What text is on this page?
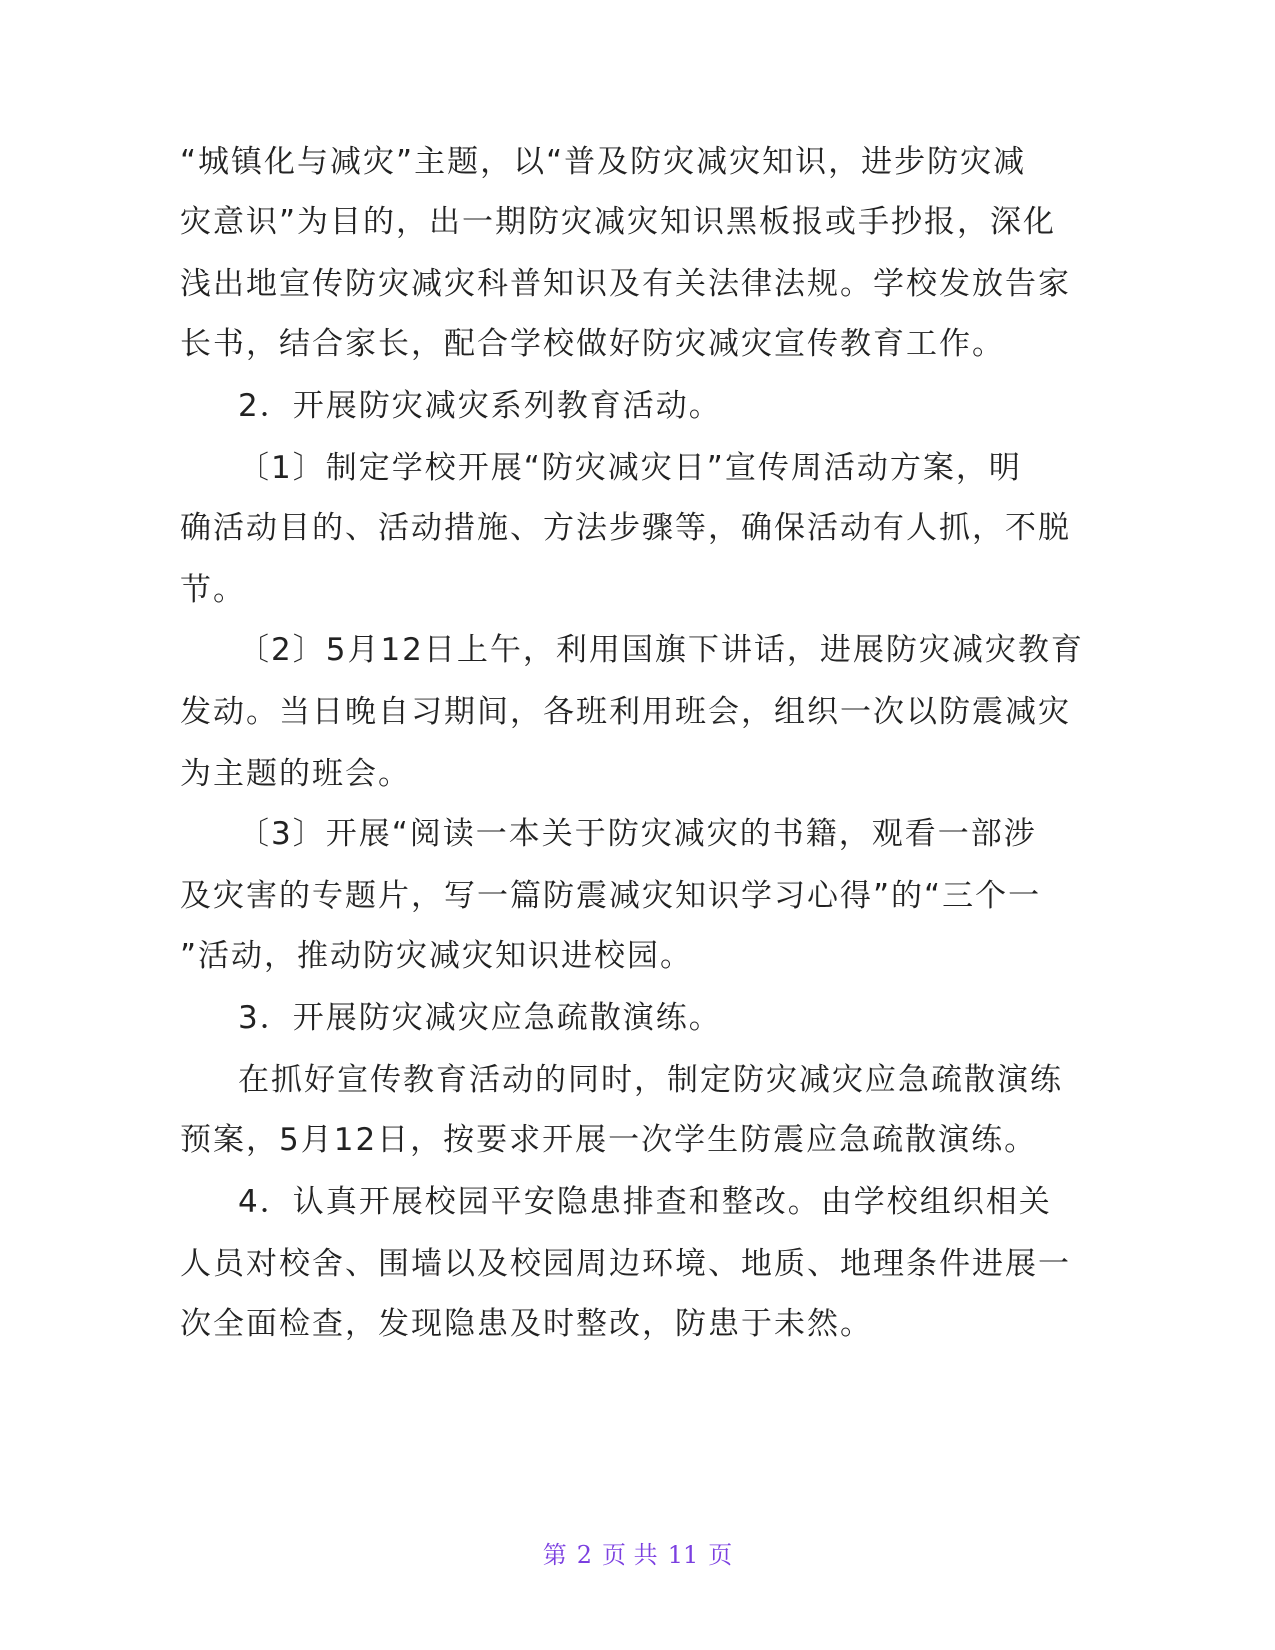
“城镇化与减灾”主题，以“普及防灾减灾知识，进步防灾减
灾意识”为目的，出一期防灾减灾知识黑板报或手抄报，深化
浅出地宣传防灾减灾科普知识及有关法律法规。学校发放告家
长书，结合家长，配合学校做好防灾减灾宣传教育工作。
2．开展防灾减灾系列教育活动。
〔1〕制定学校开展“防灾减灾日”宣传周活动方案，明
确活动目的、活动措施、方法步骤等，确保活动有人抓，不脱
节。
〔2〕5月12日上午，利用国旗下讲话，进展防灾减灾教育
发动。当日晚自习期间，各班利用班会，组织一次以防震减灾
为主题的班会。
〔3〕开展“阅读一本关于防灾减灾的书籍，观看一部涉
及灾害的专题片，写一篇防震减灾知识学习心得”的“三个一
”活动，推动防灾减灾知识进校园。
3．开展防灾减灾应急疏散演练。
在抓好宣传教育活动的同时，制定防灾减灾应急疏散演练
预案，5月12日，按要求开展一次学生防震应急疏散演练。
4．认真开展校园平安隐患排查和整改。由学校组织相关
人员对校舍、围墙以及校园周边环境、地质、地理条件进展一
次全面检查，发现隐患及时整改，防患于未然。
第 2 页 共 11 页
